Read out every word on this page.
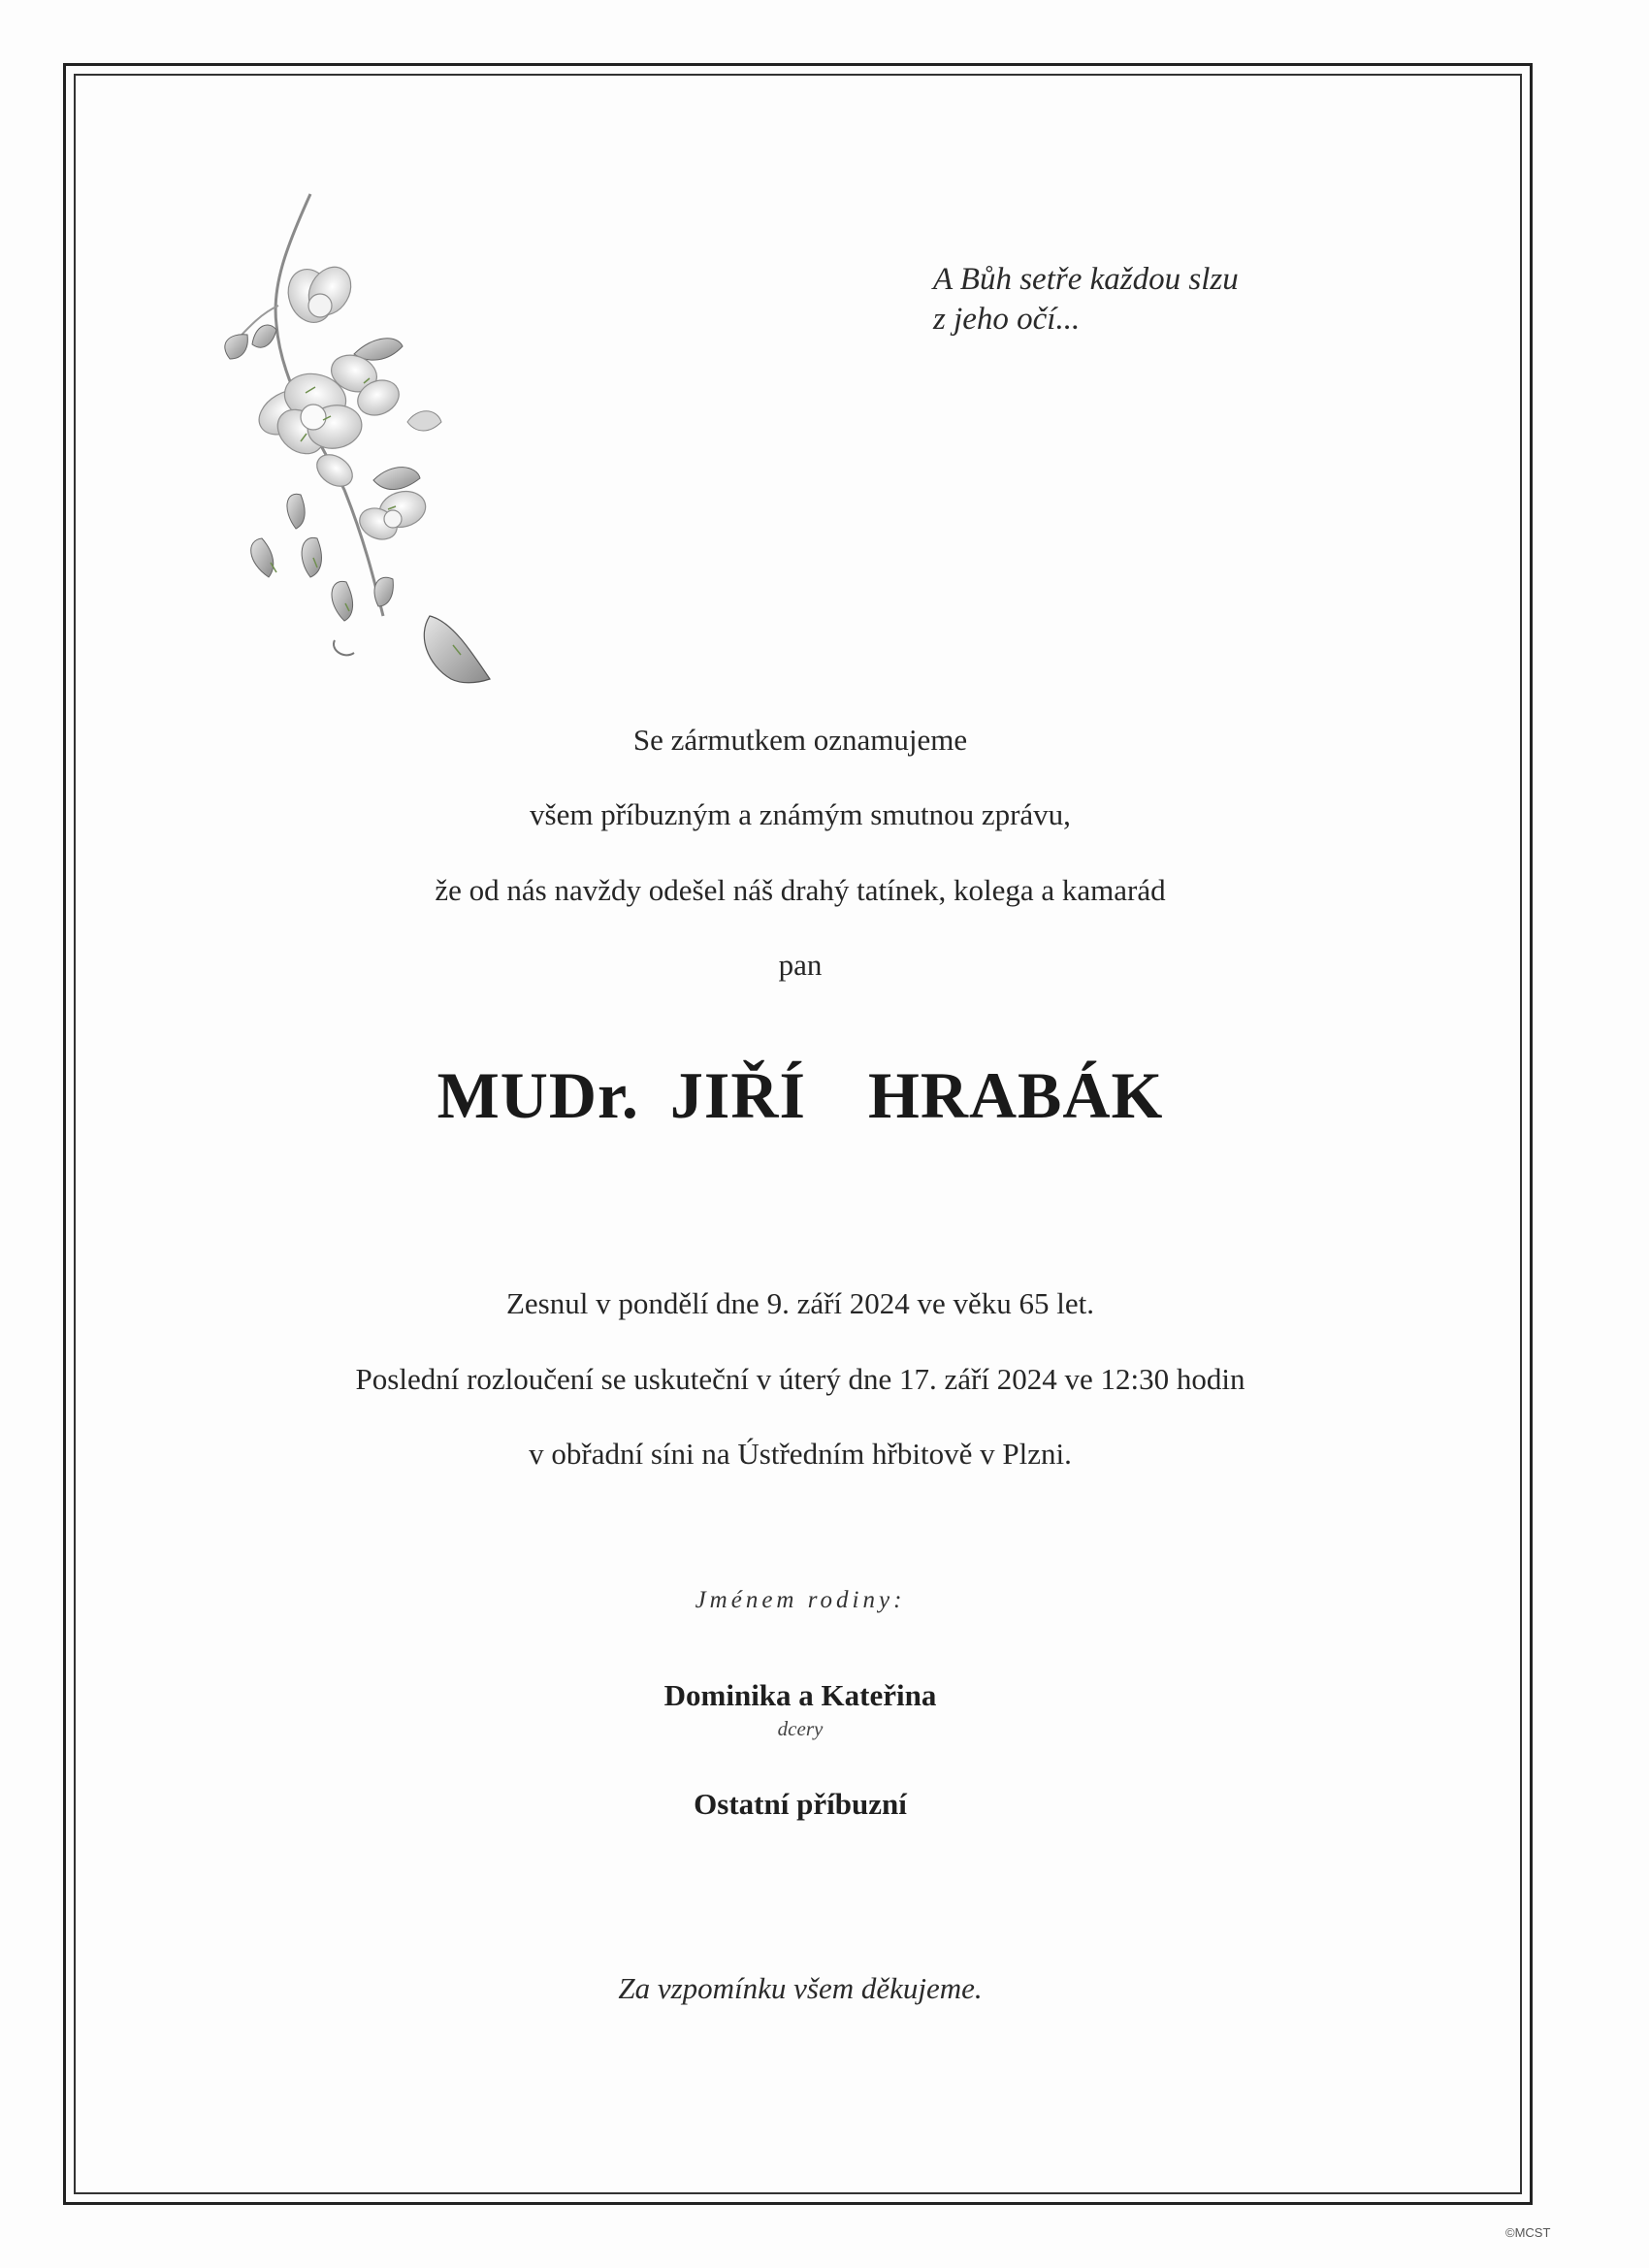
A Bůh setře každou slzu
z jeho očí...
Se zármutkem oznamujeme
všem příbuzným a známým smutnou zprávu,
že od nás navždy odešel náš drahý tatínek, kolega a kamarád
pan
MUDr. JIŘÍ  HRABÁK
Zesnul v pondělí dne 9. září 2024 ve věku 65 let.
Poslední rozloučení se uskuteční v úterý dne 17. září 2024 ve 12:30 hodin
v obřadní síni na Ústředním hřbitově v Plzni.
Jménem rodiny:
Dominika a Kateřina
dcery
Ostatní příbuzní
Za vzpomínku všem děkujeme.
©MCST
